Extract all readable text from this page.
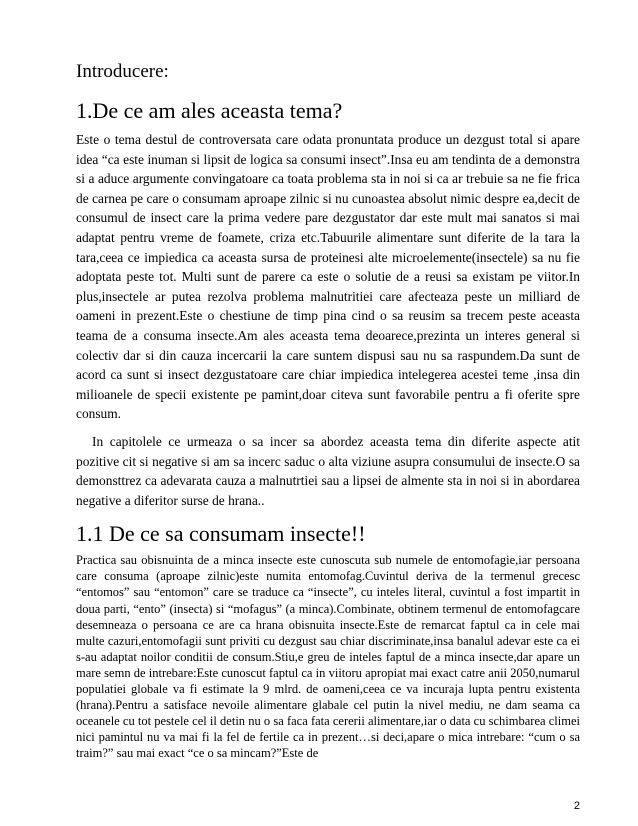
Introducere:
1.De ce am ales aceasta tema?

Este o tema destul de controversata care odata pronuntata produce un dezgust total si apare idea “ca este inuman si lipsit de logica sa consumi insect”.Insa eu am tendinta de a demonstra si a aduce argumente convingatoare ca toata problema sta in noi si ca ar trebuie sa ne fie frica de carnea pe care o consumam aproape zilnic si nu cunoastea absolut nimic despre ea,decit de consumul de insect care la prima vedere pare dezgustator dar este mult mai sanatos si mai adaptat pentru vreme de foamete, criza etc.Tabuurile alimentare sunt diferite de la tara la tara,ceea ce impiedica ca aceasta sursa de proteinesi alte microelemente(insectele) sa nu fie adoptata peste tot. Multi sunt de parere ca este o solutie de a reusi sa existam pe viitor.In plus,insectele ar putea rezolva problema malnutritiei care afecteaza peste un milliard de oameni in prezent.Este o chestiune de timp pina cind o sa reusim sa trecem peste aceasta teama de a consuma insecte.Am ales aceasta tema deoarece,prezinta un interes general si colectiv dar si din cauza incercarii la care suntem dispusi sau nu sa raspundem.Da sunt de acord ca sunt si insect dezgustatoare care chiar impiedica intelegerea acestei teme ,insa din milioanele de specii existente pe pamint,doar citeva sunt favorabile pentru a fi oferite spre consum.

In capitolele ce urmeaza o sa incer sa abordez aceasta tema din diferite aspecte atit pozitive cit si negative si am sa incerc saduc o alta viziune asupra consumului de insecte.O sa demonsttrez ca adevarata cauza a malnutrtiei sau a lipsei de almente sta in noi si in abordarea negative a diferitor surse de hrana..

1.1 De ce sa consumam insecte!!

Practica sau obisnuinta de a minca insecte este cunoscuta sub numele de entomofagie,iar persoana care consuma (aproape zilnic)este numita entomofag.Cuvintul deriva de la termenul grecesc “entomos” sau “entomon” care se traduce ca “insecte”, cu inteles literal, cuvintul a fost impartit in doua parti, “ento” (insecta) si “mofagus” (a minca).Combinate, obtinem termenul de entomofagcare desemneaza o persoana ce are ca hrana obisnuita insecte.Este de remarcat faptul ca in cele mai multe cazuri,entomofagii sunt priviti cu dezgust sau chiar discriminate,insa banalul adevar este ca ei s-au adaptat noilor conditii de consum.Stiu,e greu de inteles faptul de a minca insecte,dar apare un mare semn de intrebare:Este cunoscut faptul ca in viitoru apropiat mai exact catre anii 2050,numarul populatiei globale va fi estimate la 9 mlrd. de oameni,ceea ce va incuraja lupta pentru existenta (hrana).Pentru a satisface nevoile alimentare glabale cel putin la nivel mediu, ne dam seama ca oceanele cu tot pestele cel il detin nu o sa faca fata cererii alimentare,iar o data cu schimbarea climei nici pamintul nu va mai fi la fel de fertile ca in prezent…si deci,apare o mica intrebare: “cum o sa traim?” sau mai exact “ce o sa mincam?”Este de

2
